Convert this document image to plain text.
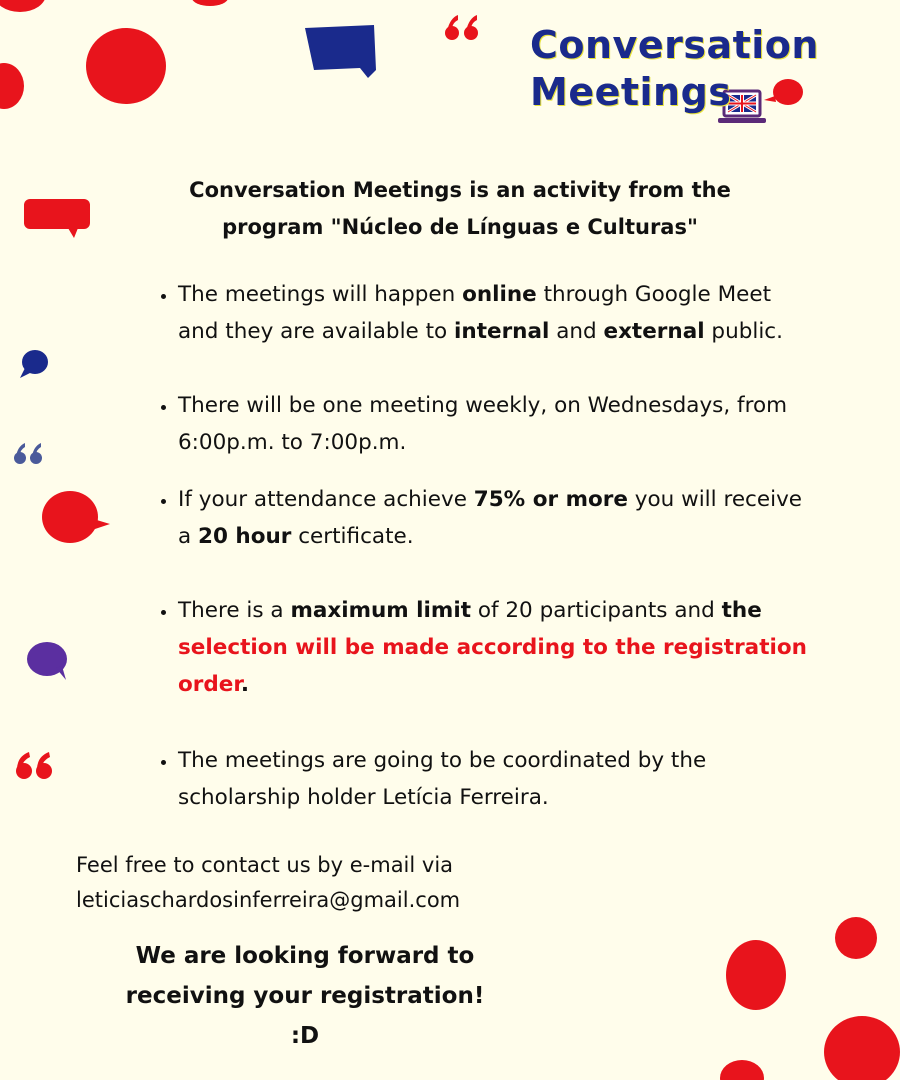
Conversation
Meetings
Conversation Meetings is an activity from the
program "Núcleo de Línguas e Culturas"
• The meetings will happen online through Google Meet
and they are available to internal and external public.
• There will be one meeting weekly, on Wednesdays, from
6:00p.m. to 7:00p.m.
• If your attendance achieve 75% or more you will receive
a 20 hour certificate.
• There is a maximum limit of 20 participants and the
selection will be made according to the registration
order.
• The meetings are going to be coordinated by the
scholarship holder Letícia Ferreira.
Feel free to contact us by e-mail via
leticiaschardosinferreira@gmail.com
We are looking forward to
receiving your registration!
:D
